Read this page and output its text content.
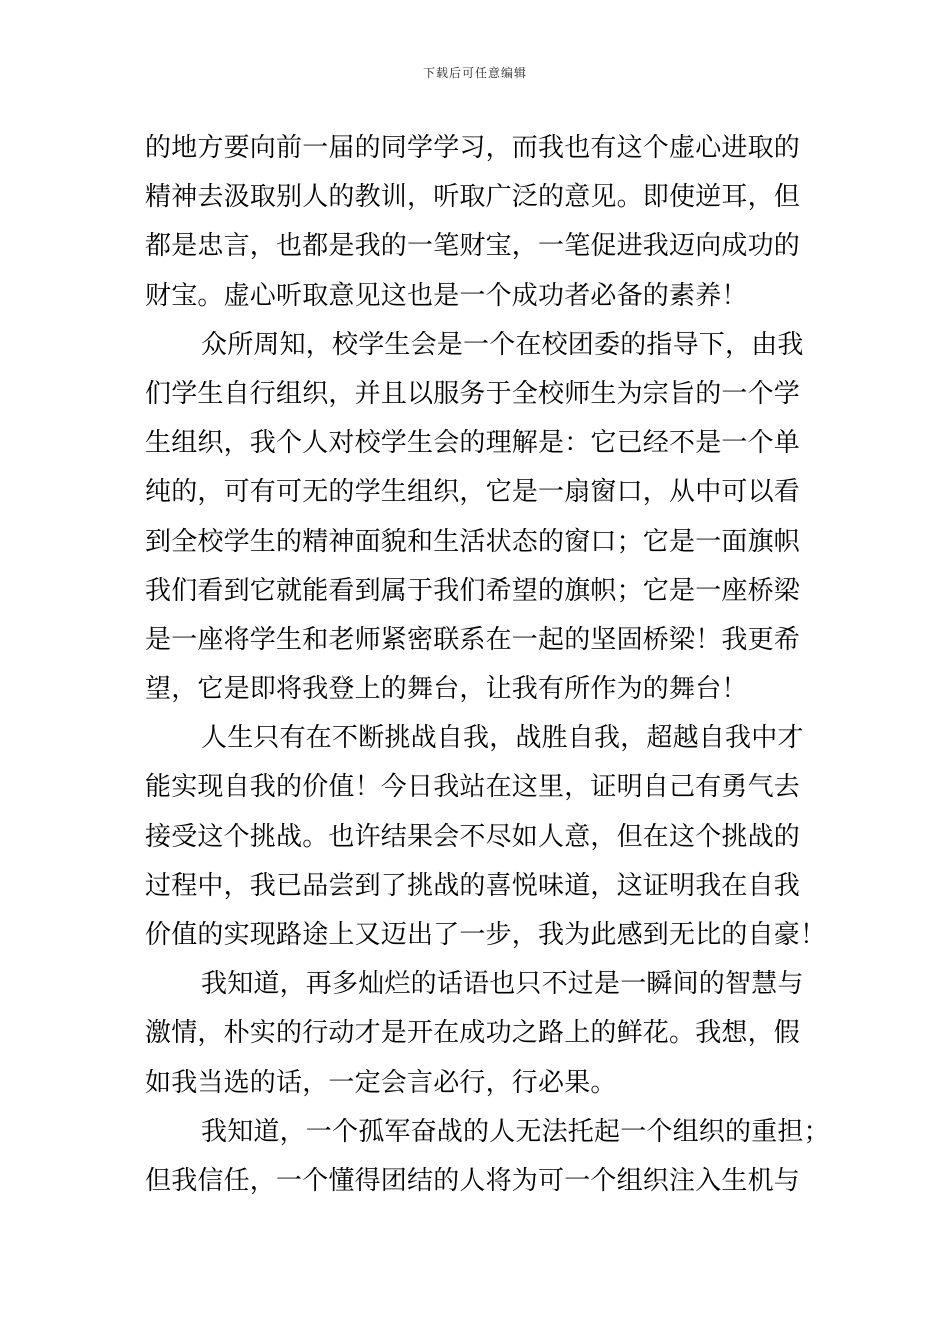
下载后可任意编辑
的地方要向前一届的同学学习，而我也有这个虚心进取的
精神去汲取别人的教训，听取广泛的意见。即使逆耳，但
都是忠言，也都是我的一笔财宝，一笔促进我迈向成功的
财宝。虚心听取意见这也是一个成功者必备的素养！
众所周知，校学生会是一个在校团委的指导下，由我
们学生自行组织，并且以服务于全校师生为宗旨的一个学
生组织，我个人对校学生会的理解是：它已经不是一个单
纯的，可有可无的学生组织，它是一扇窗口，从中可以看
到全校学生的精神面貌和生活状态的窗口；它是一面旗帜
我们看到它就能看到属于我们希望的旗帜；它是一座桥梁
是一座将学生和老师紧密联系在一起的坚固桥梁！我更希
望，它是即将我登上的舞台，让我有所作为的舞台！
人生只有在不断挑战自我，战胜自我，超越自我中才
能实现自我的价值！今日我站在这里，证明自己有勇气去
接受这个挑战。也许结果会不尽如人意，但在这个挑战的
过程中，我已品尝到了挑战的喜悦味道，这证明我在自我
价值的实现路途上又迈出了一步，我为此感到无比的自豪！
我知道，再多灿烂的话语也只不过是一瞬间的智慧与
激情，朴实的行动才是开在成功之路上的鲜花。我想，假
如我当选的话，一定会言必行，行必果。
我知道，一个孤军奋战的人无法托起一个组织的重担；
但我信任，一个懂得团结的人将为可一个组织注入生机与
